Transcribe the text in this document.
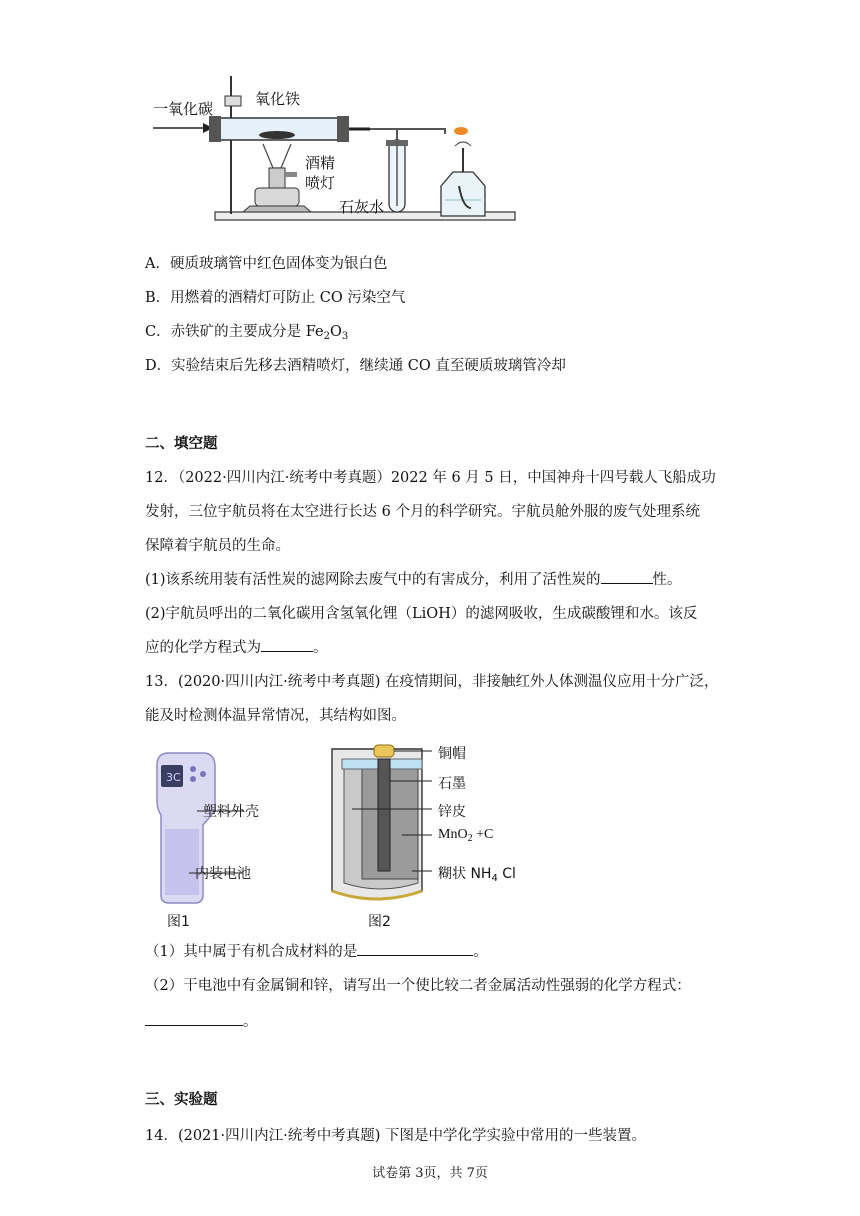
一氧化碳
氧化铁
酒精
喷灯
石灰水
A．硬质玻璃管中红色固体变为银白色
B．用燃着的酒精灯可防止 CO 污染空气
C．赤铁矿的主要成分是 $Fe_2O_3$
D．实验结束后先移去酒精喷灯，继续通 CO 直至硬质玻璃管冷却
二、填空题
12．（2022·四川内江·统考中考真题）2022 年 6 月 5 日，中国神舟十四号载人飞船成功
发射，三位宇航员将在太空进行长达 6 个月的科学研究。宇航员舱外服的废气处理系统
保障着宇航员的生命。
(1)该系统用装有活性炭的滤网除去废气中的有害成分，利用了活性炭的	性。
(2)宇航员呼出的二氧化碳用含氢氧化锂（LiOH）的滤网吸收，生成碳酸锂和水。该反
应的化学方程式为	。
13．(2020·四川内江·统考中考真题) 在疫情期间，非接触红外人体测温仪应用十分广泛，
能及时检测体温异常情况，其结构如图。
3C
塑料外壳
内装电池
图1
铜帽
石墨
锌皮
MnO$_2$ +C
糊状 $NH_4$ Cl
图2
（1）其中属于有机合成材料的是	。
（2）干电池中有金属铜和锌，请写出一个使比较二者金属活动性强弱的化学方程式：
。
三、实验题
14．(2021·四川内江·统考中考真题) 下图是中学化学实验中常用的一些装置。
试卷第 3页，共 7页
